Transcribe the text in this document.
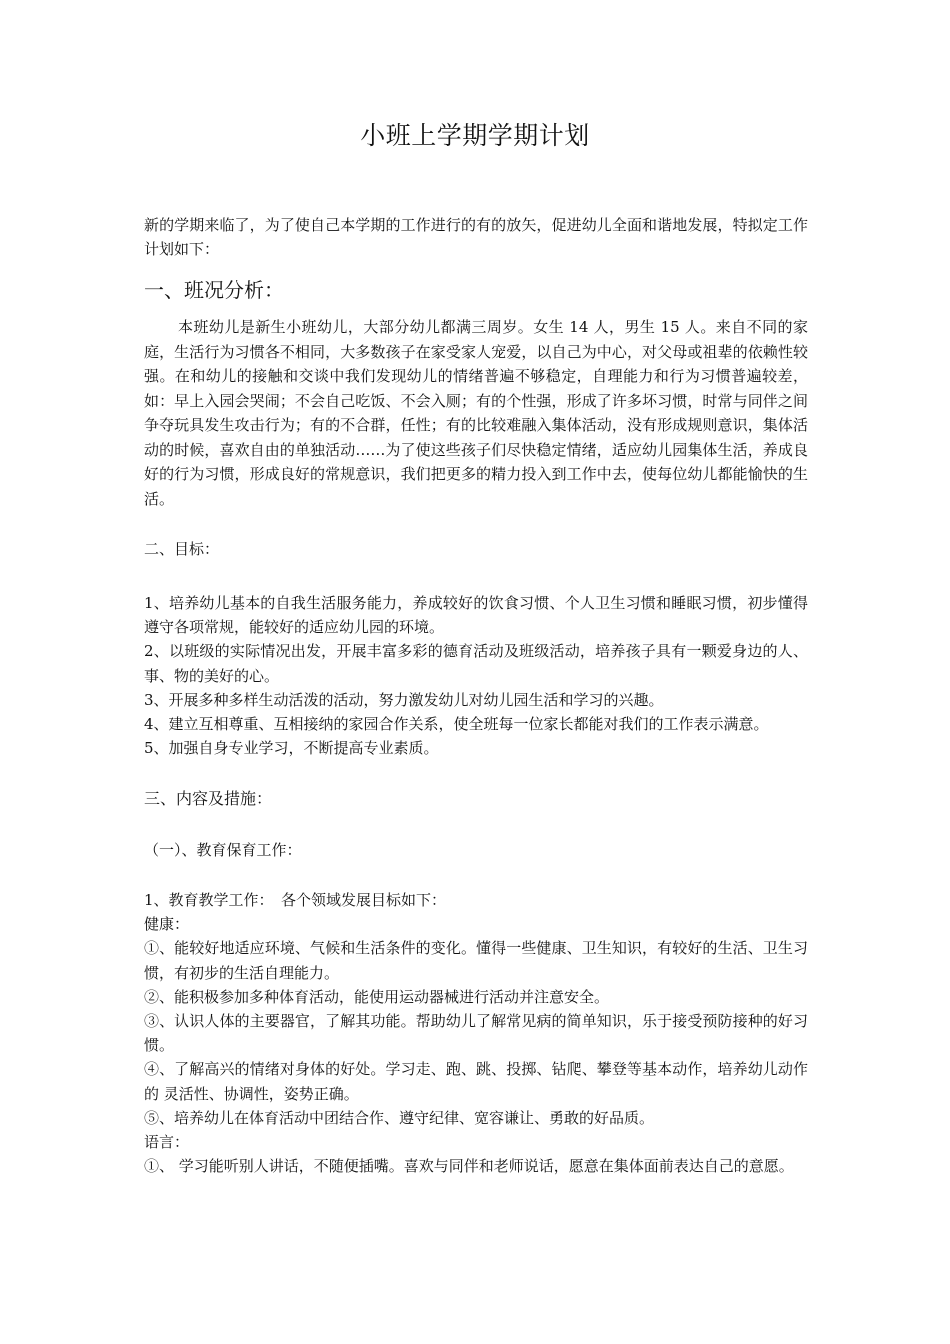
小班上学期学期计划
新的学期来临了，为了使自己本学期的工作进行的有的放矢，促进幼儿全面和谐地发展，特拟定工作计划如下：
一、班况分析：
本班幼儿是新生小班幼儿，大部分幼儿都满三周岁。女生 14 人，男生 15 人。来自不同的家庭，生活行为习惯各不相同，大多数孩子在家受家人宠爱，以自己为中心，对父母或祖辈的依赖性较强。在和幼儿的接触和交谈中我们发现幼儿的情绪普遍不够稳定，自理能力和行为习惯普遍较差，如：早上入园会哭闹；不会自己吃饭、不会入厕；有的个性强，形成了许多坏习惯，时常与同伴之间争夺玩具发生攻击行为；有的不合群，任性；有的比较难融入集体活动，没有形成规则意识，集体活动的时候，喜欢自由的单独活动……为了使这些孩子们尽快稳定情绪，适应幼儿园集体生活，养成良好的行为习惯，形成良好的常规意识，我们把更多的精力投入到工作中去，使每位幼儿都能愉快的生活。
二、目标：

1、培养幼儿基本的自我生活服务能力，养成较好的饮食习惯、个人卫生习惯和睡眠习惯，初步懂得遵守各项常规，能较好的适应幼儿园的环境。

2、以班级的实际情况出发，开展丰富多彩的德育活动及班级活动，培养孩子具有一颗爱身边的人、事、物的美好的心。

3、开展多种多样生动活泼的活动，努力激发幼儿对幼儿园生活和学习的兴趣。

4、建立互相尊重、互相接纳的家园合作关系，使全班每一位家长都能对我们的工作表示满意。

5、加强自身专业学习，不断提高专业素质。

三、内容及措施：
（一）、教育保育工作：

1、教育教学工作：　各个领域发展目标如下：

健康：

①、能较好地适应环境、气候和生活条件的变化。懂得一些健康、卫生知识，有较好的生活、卫生习惯，有初步的生活自理能力。

②、能积极参加多种体育活动，能使用运动器械进行活动并注意安全。

③、认识人体的主要器官，了解其功能。帮助幼儿了解常见病的简单知识，乐于接受预防接种的好习惯。

④、了解高兴的情绪对身体的好处。学习走、跑、跳、投掷、钻爬、攀登等基本动作，培养幼儿动作的 灵活性、协调性，姿势正确。

⑤、培养幼儿在体育活动中团结合作、遵守纪律、宽容谦让、勇敢的好品质。

语言：

①、 学习能听别人讲话，不随便插嘴。喜欢与同伴和老师说话，愿意在集体面前表达自己的意愿。
